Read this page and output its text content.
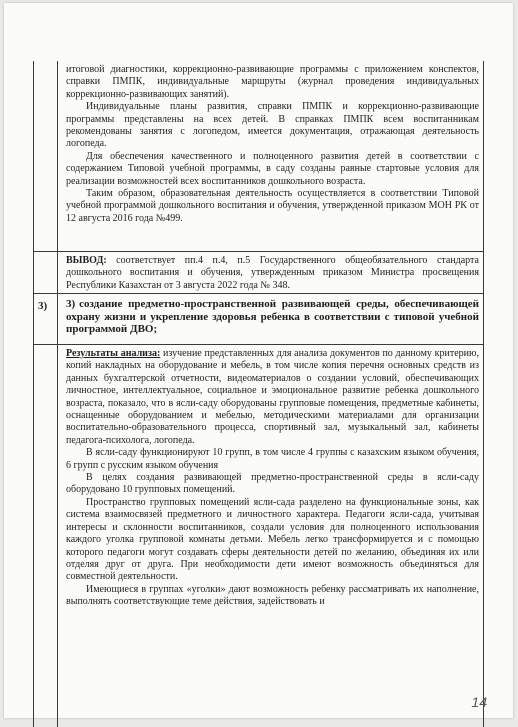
итоговой диагностики, коррекционно-развивающие программы с приложением конспектов, справки ПМПК, индивидуальные маршруты (журнал проведения индивидуальных коррекционно-развивающих занятий).

Индивидуальные планы развития, справки ПМПК и коррекционно-развивающие программы представлены на всех детей. В справках ПМПК всем воспитанникам рекомендованы занятия с логопедом, имеется документация, отражающая деятельность логопеда.

Для обеспечения качественного и полноценного развития детей в соответствии с содержанием Типовой учебной программы, в саду созданы равные стартовые условия для реализации возможностей всех воспитанников дошкольного возраста.

Таким образом, образовательная деятельность осуществляется в соответствии Типовой учебной программой дошкольного воспитания и обучения, утвержденной приказом МОН РК от 12 августа 2016 года №499.

ВЫВОД: соответствует пп.4 п.4, п.5 Государственного общеобязательного стандарта дошкольного воспитания и обучения, утвержденным приказом Министра просвещения Республики Казахстан от 3 августа 2022 года № 348.

3) 3) создание предметно-пространственной развивающей среды, обеспечивающей охрану жизни и укрепление здоровья ребенка в соответствии с типовой учебной программой ДВО;

Результаты анализа: изучение представленных для анализа документов по данному критерию, копий накладных на оборудование и мебель, в том числе копия перечня основных средств из данных бухгалтерской отчетности, видеоматериалов о создании условий, обеспечивающих личностное, интеллектуальное, социальное и эмоциональное развитие ребенка дошкольного возраста, показало, что в ясли-саду оборудованы групповые помещения, предметные кабинеты, оснащенные оборудованием и мебелью, методическими материалами для организации воспитательно-образовательного процесса, спортивный зал, музыкальный зал, кабинеты педагога-психолога, логопеда.

В ясли-саду функционируют 10 групп, в том числе 4 группы с казахским языком обучения, 6 групп с русским языком обучения

В целях создания развивающей предметно-пространственной среды в ясли-саду оборудовано 10 групповых помещений.

Пространство групповых помещений ясли-сада разделено на функциональные зоны, как система взаимосвязей предметного и личностного характера. Педагоги ясли-сада, учитывая интересы и склонности воспитанников, создали условия для полноценного использования каждого уголка групповой комнаты детьми. Мебель легко трансформируется и с помощью которого педагоги могут создавать сферы деятельности детей по желанию, объединяя их или отделяя друг от друга. При необходимости дети имеют возможность объединяться для совместной деятельности.

Имеющиеся в группах «уголки» дают возможность ребенку рассматривать их наполнение, выполнять соответствующие теме действия, задействовать и

14
